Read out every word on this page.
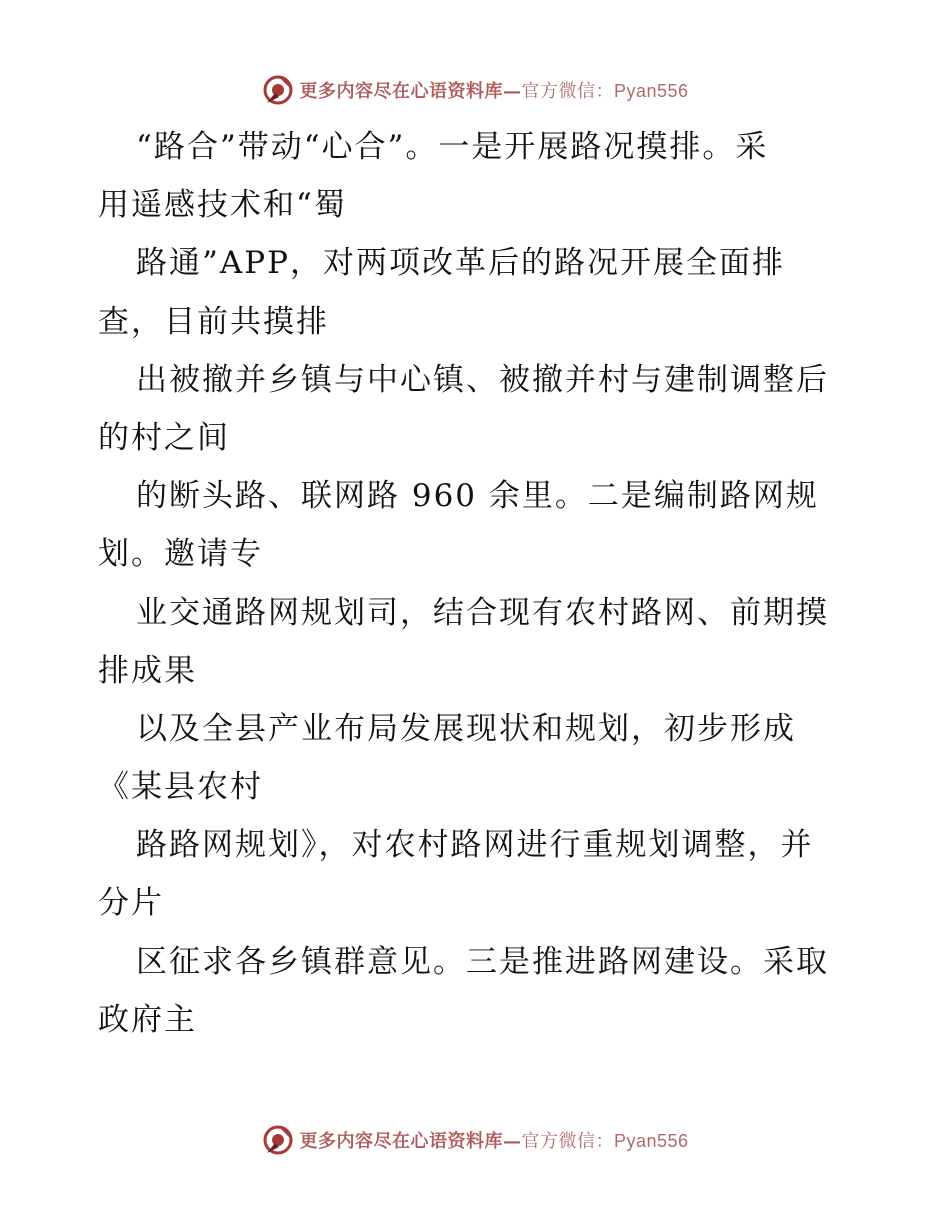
更多内容尽在心语资料库—官方微信：Pyan556
“路合”带动“心合”。一是开展路况摸排。采
用遥感技术和“蜀
路通”APP，对两项改革后的路况开展全面排
查，目前共摸排
出被撤并乡镇与中心镇、被撤并村与建制调整后
的村之间
的断头路、联网路 960 余里。二是编制路网规
划。邀请专
业交通路网规划司，结合现有农村路网、前期摸
排成果
以及全县产业布局发展现状和规划，初步形成
《某县农村
路路网规划》，对农村路网进行重规划调整，并
分片
区征求各乡镇群意见。三是推进路网建设。采取
政府主
更多内容尽在心语资料库—官方微信：Pyan556
